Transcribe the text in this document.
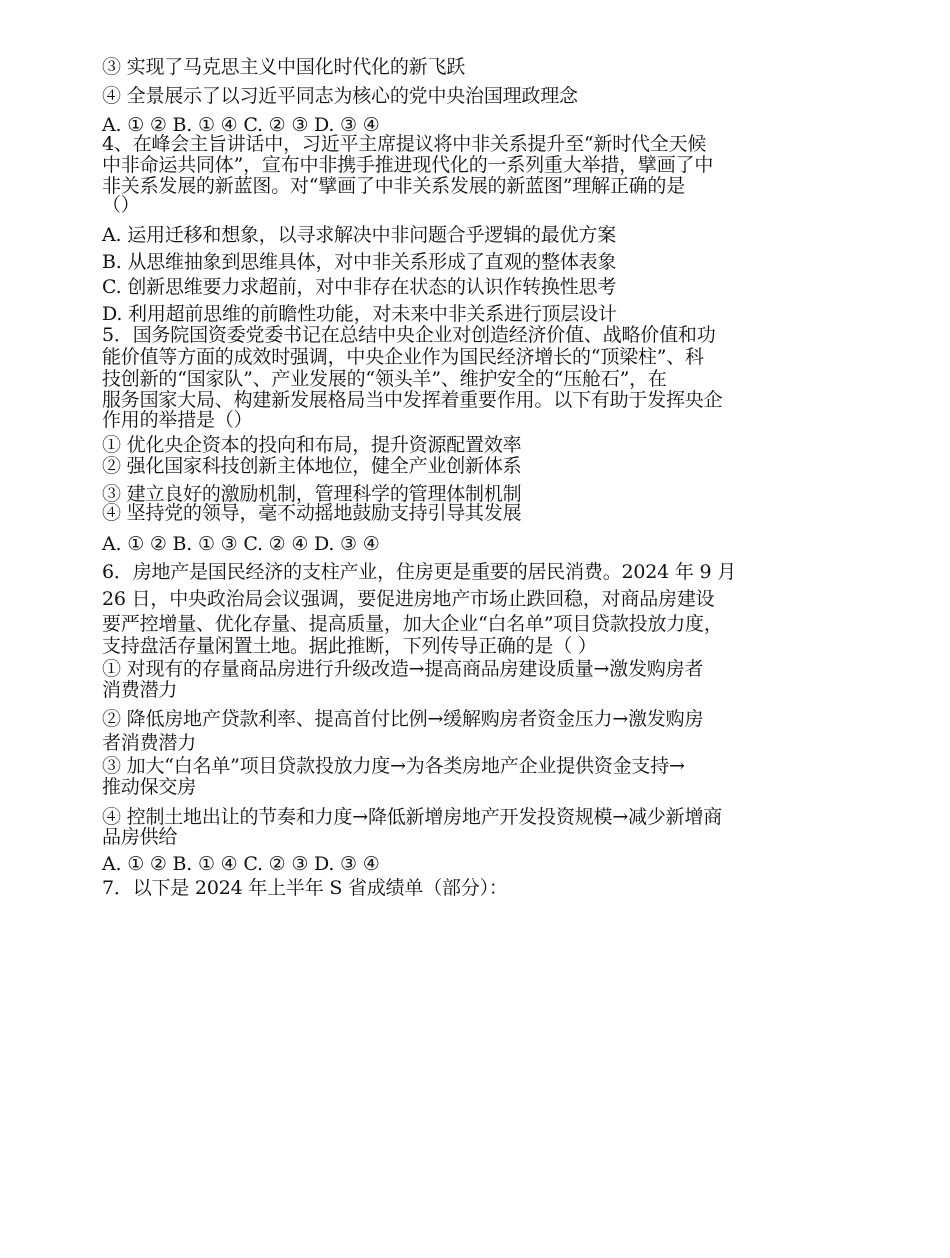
③ 实现了马克思主义中国化时代化的新飞跃
④ 全景展示了以习近平同志为核心的党中央治国理政理念
A. ① ② B. ① ④ C. ② ③ D. ③ ④
4、在峰会主旨讲话中，习近平主席提议将中非关系提升至“新时代全天候
中非命运共同体”，宣布中非携手推进现代化的一系列重大举措，擘画了中
非关系发展的新蓝图。对“擘画了中非关系发展的新蓝图”理解正确的是
（）
A. 运用迁移和想象，以寻求解决中非问题合乎逻辑的最优方案
B. 从思维抽象到思维具体，对中非关系形成了直观的整体表象
C. 创新思维要力求超前，对中非存在状态的认识作转换性思考
D. 利用超前思维的前瞻性功能，对未来中非关系进行顶层设计
5．国务院国资委党委书记在总结中央企业对创造经济价值、战略价值和功
能价值等方面的成效时强调，中央企业作为国民经济增长的“顶梁柱”、科
技创新的“国家队”、产业发展的“领头羊”、维护安全的“压舱石”，在
服务国家大局、构建新发展格局当中发挥着重要作用。以下有助于发挥央企
作用的举措是（）
① 优化央企资本的投向和布局，提升资源配置效率
② 强化国家科技创新主体地位，健全产业创新体系
③ 建立良好的激励机制，管理科学的管理体制机制
④ 坚持党的领导，毫不动摇地鼓励支持引导其发展
A. ① ② B. ① ③ C. ② ④ D. ③ ④
6．房地产是国民经济的支柱产业，住房更是重要的居民消费。2024 年 9 月
26 日，中央政治局会议强调，要促进房地产市场止跌回稳，对商品房建设
要严控增量、优化存量、提高质量，加大企业“白名单”项目贷款投放力度，
支持盘活存量闲置土地。据此推断，下列传导正确的是（ ）
① 对现有的存量商品房进行升级改造→提高商品房建设质量→激发购房者
消费潜力
② 降低房地产贷款利率、提高首付比例→缓解购房者资金压力→激发购房
者消费潜力
③ 加大“白名单”项目贷款投放力度→为各类房地产企业提供资金支持→
推动保交房
④ 控制土地出让的节奏和力度→降低新增房地产开发投资规模→减少新增商
品房供给
A. ① ② B. ① ④ C. ② ③ D. ③ ④
7．以下是 2024 年上半年 S 省成绩单（部分）：
